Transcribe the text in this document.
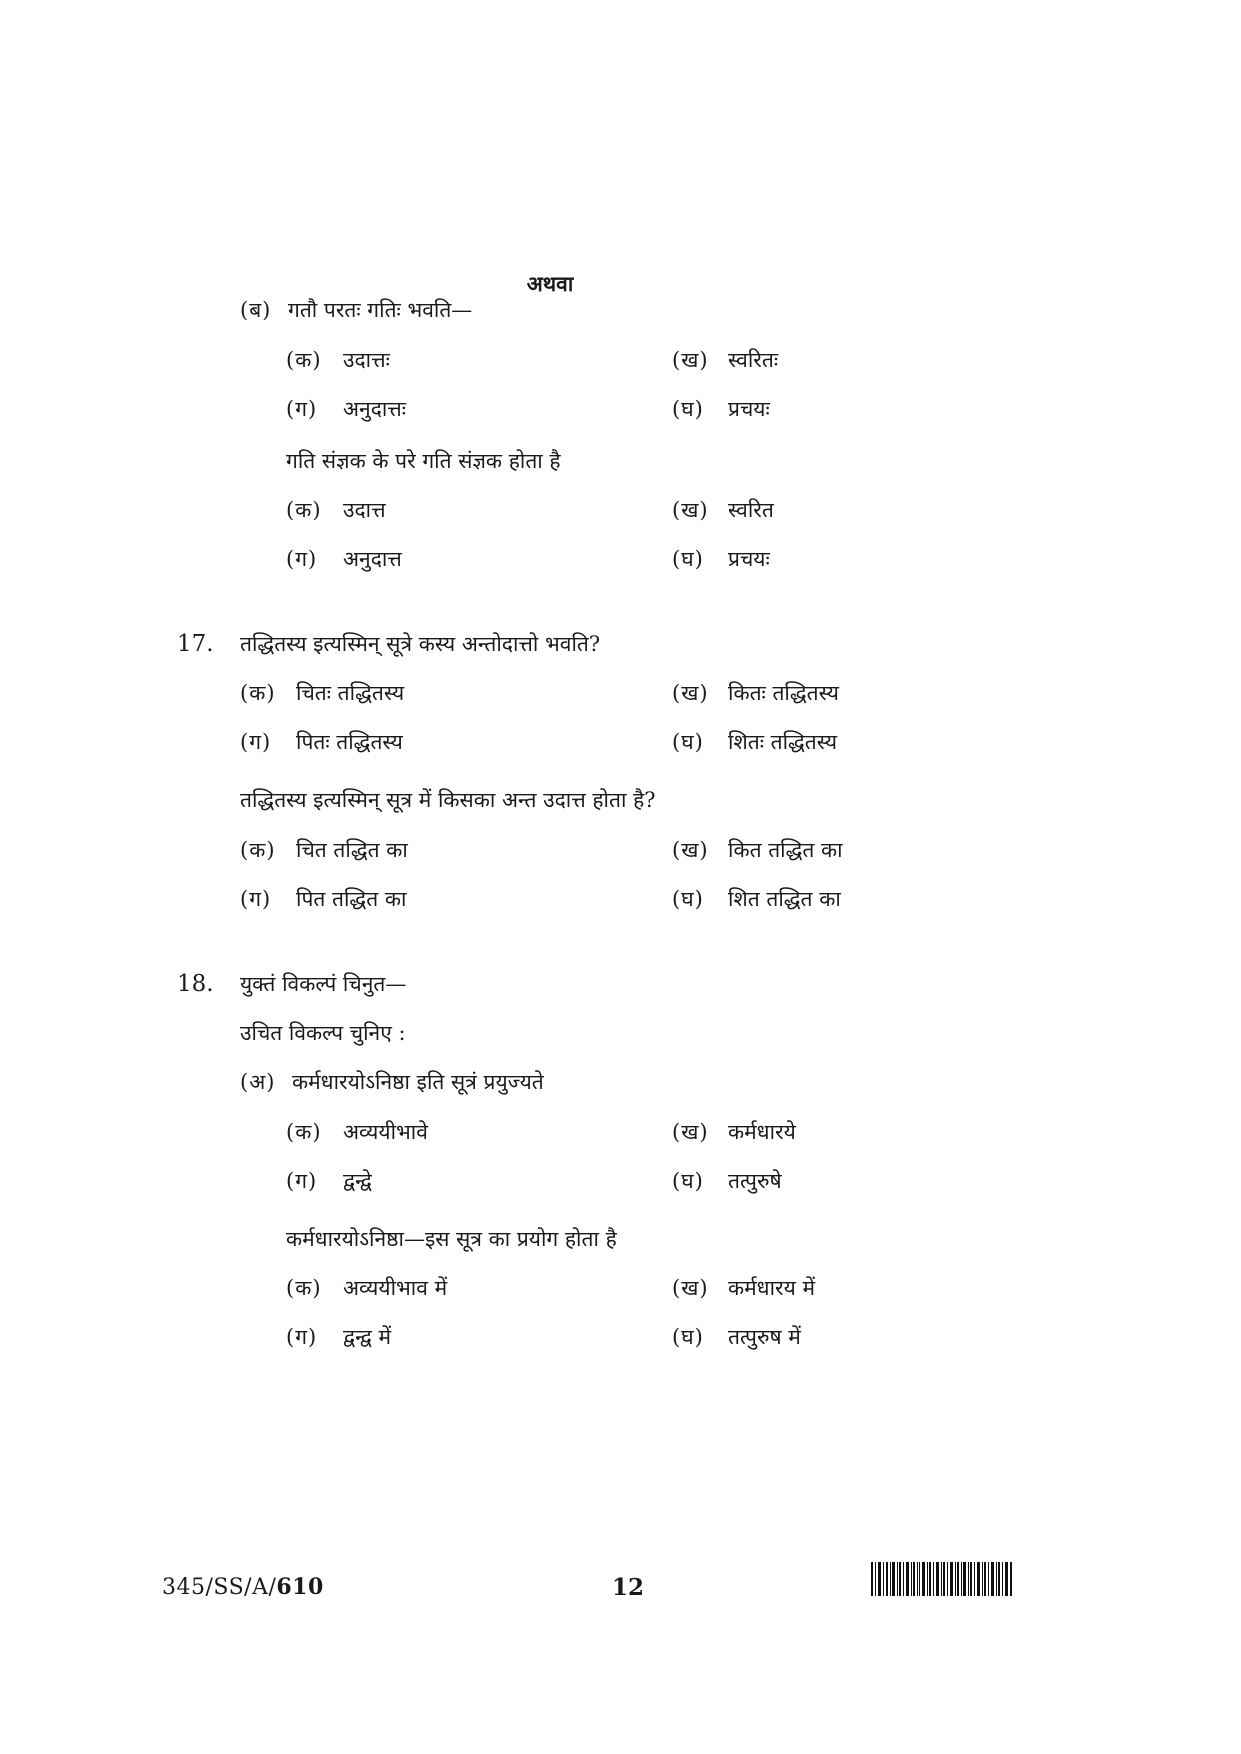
अथवा
(ब) गतौ परतः गतिः भवति—
(क) उदात्तः	(ख) स्वरितः
(ग) अनुदात्तः	(घ) प्रचयः
गति संज्ञक के परे गति संज्ञक होता है
(क) उदात्त	(ख) स्वरित
(ग) अनुदात्त	(घ) प्रचयः
17. तद्धितस्य इत्यस्मिन् सूत्रे कस्य अन्तोदात्तो भवति?
(क) चितः तद्धितस्य	(ख) कितः तद्धितस्य
(ग) पितः तद्धितस्य	(घ) शितः तद्धितस्य
तद्धितस्य इत्यस्मिन् सूत्र में किसका अन्त उदात्त होता है?
(क) चित तद्धित का	(ख) कित तद्धित का
(ग) पित तद्धित का	(घ) शित तद्धित का
18. युक्तं विकल्पं चिनुत—
उचित विकल्प चुनिए :
(अ) कर्मधारयोऽनिष्ठा इति सूत्रं प्रयुज्यते
(क) अव्ययीभावे	(ख) कर्मधारये
(ग) द्वन्द्वे	(घ) तत्पुरुषे
कर्मधारयोऽनिष्ठा—इस सूत्र का प्रयोग होता है
(क) अव्ययीभाव में	(ख) कर्मधारय में
(ग) द्वन्द्व में	(घ) तत्पुरुष में
345/SS/A/610	12
